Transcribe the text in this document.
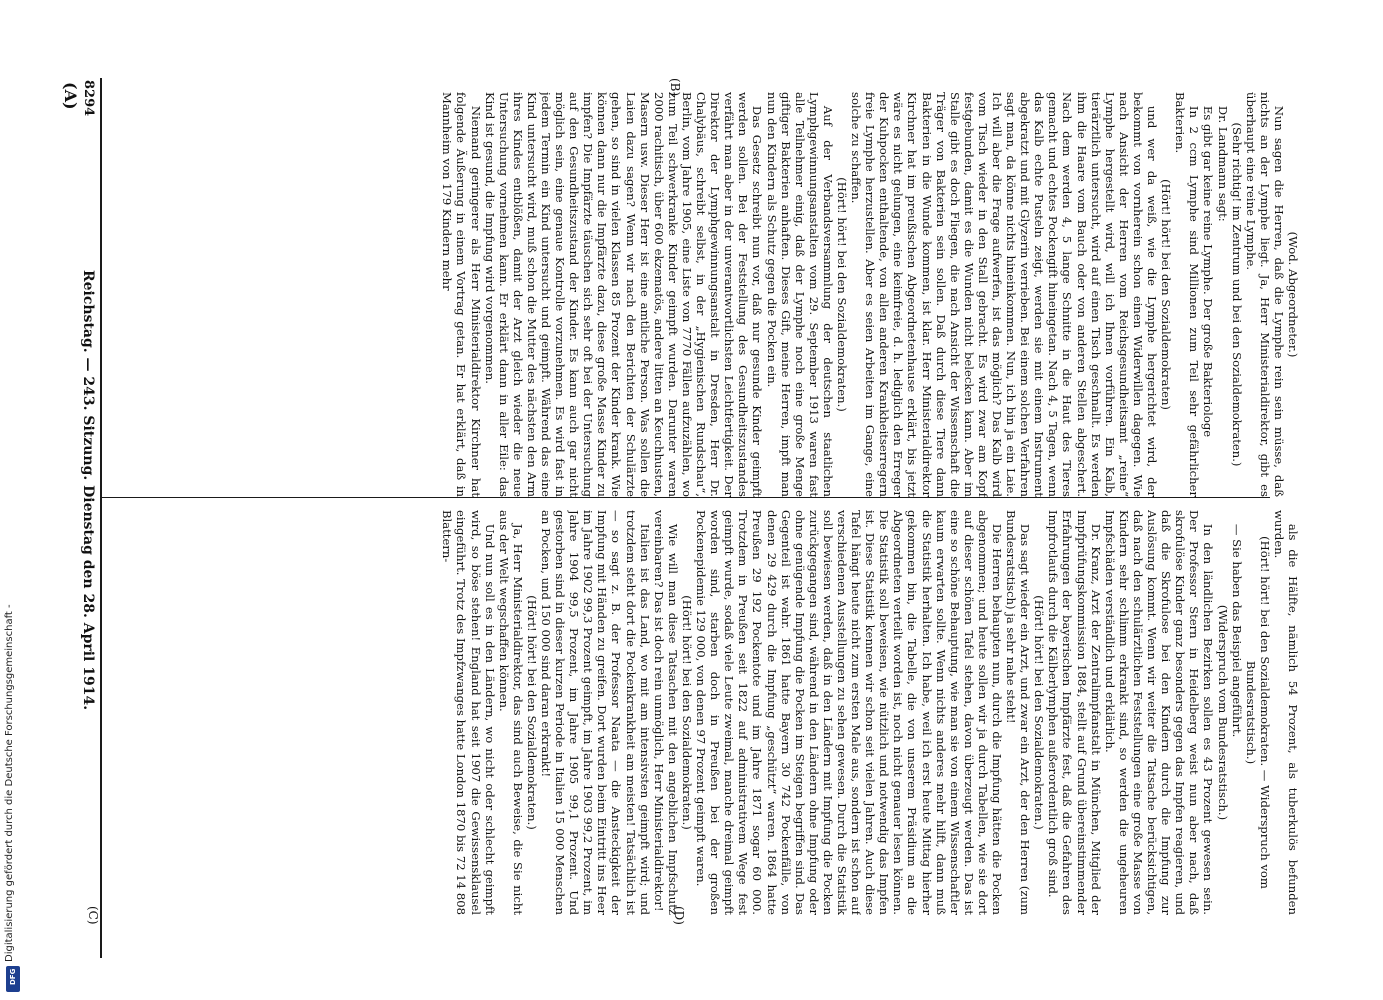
8294
Reichstag. — 243. Sitzung. Dienstag den 28. April 1914.
(A)

(Wod. Abgeordneter.)

Nun sagen die Herren, daß die Lymphe rein sein müsse, daß nichts an der Lymphe liegt. Ja, Herr Ministerialdirektor, gibt es überhaupt eine reine Lymphe.

(Sehr richtig! im Zentrum und bei den Sozialdemokraten.)

Dr. Landmann sagt:

Es gibt gar keine reine Lymphe. Der große Bakteriologe

In 2 ccm Lymphe sind Millionen zum Teil sehr gefährlicher Bakterien.

(Hört! hört! bei den Sozialdemokraten)

und wer da weiß, wie die Lymphe hergerichtet wird, der bekommt von vornherein schon einen Widerwillen dagegen. Wie nach Ansicht der Herren vom Reichsgesundheitsamt „reine“ Lymphe hergestellt wird, will ich Ihnen vorführen. Ein Kalb, tierärztlich untersucht, wird auf einen Tisch geschnallt. Es werden ihm die Haare vom Bauch oder von anderen Stellen abgeschert. Nach dem werden 4, 5 lange Schnitte in die Haut des Tieres gemacht und echtes Pockengift hineingetan. Nach 4, 5 Tagen, wenn das Kalb echte Pusteln zeigt, werden sie mit einem Instrument abgekratzt und mit Glyzerin verrieben. Bei einem solchen Verfahren sagt man, da könne nichts hineinkommen. Nun, ich bin ja ein Laie. Ich will aber die Frage aufwerfen, ist das möglich? Das Kalb wird vom Tisch wieder in den Stall gebracht. Es wird zwar am Kopf festgebunden, damit es die Wunden nicht belecken kann. Aber im Stalle gibt es doch Fliegen, die nach Ansicht der Wissenschaft die Träger von Bakterien sein sollen. Daß durch diese Tiere dann Bakterien in die Wunde kommen, ist klar. Herr Ministerialdirektor Kirchner hat im preußischen Abgeordnetenhause erklärt, bis jetzt wäre es nicht gelungen, eine keimfreie, d. h. lediglich den Erreger der Kuhpocken enthaltende, von allen anderen Krankheitserregern freie Lymphe herzustellen. Aber es seien Arbeiten im Gange, eine solche zu schaffen.

(Hört! hört! bei den Sozialdemokraten.)

Auf der Verbandsversammlung der deutschen staatlichen Lymphgewinnungsanstalten vom 29. September 1913 waren fast alle Teilnehmer einig, daß der Lymphe noch eine große Menge giftiger Bakterien anhaften. Dieses Gift, meine Herren, impft man nun den Kindern als Schutz gegen die Pocken ein.

Das Gesetz schreibt nun vor, daß nur gesunde Kinder geimpft werden sollen. Bei der Feststellung des Gesundheitszustandes verfährt man aber in der unverantwortlichsten Leichtfertigkeit. Der Direktor der Lymphgewinnungsanstalt in Dresden, Herr Dr. Chalybäus, schreibt selbst, in der „Hygienischen Rundschau“, Berlin, vom Jahre 1905, eine Liste von 7770 Fällen aufzuzählen, wo zum Teil schwerkranke Kinder geimpft wurden. Darunter waren 2000 rachitisch, über 600 ekzematös, andere litten an Keuchhusten, Masern usw. Dieser Herr ist eine amtliche Person. Was sollen die Laien dazu sagen? Wenn wir nach den Berichten der Schulärzte gehen, so sind in vielen Klassen 85 Prozent der Kinder krank. Wie können dann nur die Impfärzte dazu, diese große Masse Kinder zu impfen? Die Impfärzte täuschen sich sehr oft bei der Untersuchung auf den Gesundheitszustand der Kinder. Es kann auch gar nicht möglich sein, eine genaue Kontrolle vorzunehmen. Es wird fast in jedem Termin ein Kind untersucht und geimpft. Während das eine Kind untersucht wird, muß schon die Mutter des nächsten den Arm ihres Kindes entblößen, damit der Arzt gleich wieder die neue Untersuchung vornehmen kann. Er erklärt dann in aller Eile: das Kind ist gesund, die Impfung wird vorgenommen.

Niemand geringerer als Herr Ministerialdirektor Kirchner hat folgende Äußerung in einem Vortrag getan. Er hat erklärt, daß in Mannheim von 179 Kindern mehr

als die Hälfte, nämlich 54 Prozent, als tuberkulös befunden wurden.

(Hört! hört! bei den Sozialdemokraten. — Widerspruch vom Bundesratstisch.)

— Sie haben das Beispiel angeführt.

(Widerspruch vom Bundesratstisch.)

In den ländlichen Bezirken sollen es 43 Prozent gewesen sein. Der Professor Stern in Heidelberg weist nun aber nach, daß skrofulöse Kinder ganz besonders gegen das Impfen reagieren, und daß die Skrofulose bei den Kindern durch die Impfung zur Auslösung kommt. Wenn wir weiter die Tatsache berücksichtigen, daß nach den schulärztlichen Feststellungen eine große Masse von Kindern sehr schlimm erkrankt sind, so werden die ungeheuren Impfschäden verständlich und erklärlich.

Dr. Kranz, Arzt der Zentralimpfanstalt in München, Mitglied der Impfprüfungskommission 1884, stellt auf Grund übereinstimmender Erfahrungen der bayerischen Impfärzte fest, daß die Gefahren des Impfrotlaufs durch die Kälberlymphen außerordentlich groß sind.

(Hört! hört! bei den Sozialdemokraten.)

Das sagt wieder ein Arzt, und zwar ein Arzt, der den Herren (zum Bundesratstisch) ja sehr nahe steht!

Die Herren behaupten nun, durch die Impfung hätten die Pocken abgenommen; und heute sollen wir ja durch Tabellen, wie sie dort auf dieser schönen Tafel stehen, davon überzeugt werden. Das ist eine so schöne Behauptung, wie man sie von einem Wissenschaftler kaum erwarten sollte. Wenn nichts anderes mehr hilft, dann muß die Statistik herhalten. Ich habe, weil ich erst heute Mittag hierher gekommen bin, die Tabelle, die von unserem Präsidium an die Abgeordneten verteilt worden ist, noch nicht genauer lesen können. Die Statistik soll beweisen, wie nützlich und notwendig das Impfen ist. Diese Statistik kennen wir schon seit vielen Jahren. Auch diese Tafel hängt heute nicht zum ersten Male aus, sondern ist schon auf verschiedenen Ausstellungen zu sehen gewesen. Durch die Statistik soll bewiesen werden, daß in den Ländern mit Impfung die Pocken zurückgegangen sind, während in den Ländern ohne Impfung oder ohne genügende Impfung die Pocken im Steigen begriffen sind. Das Gegenteil ist wahr. 1861 hatte Bayern 30 742 Pockenfälle, von denen 29 429 durch die Impfung „geschützt“ waren. 1864 hatte Preußen 29 192 Pockentote und im Jahre 1871 sogar 60 000. Trotzdem in Preußen seit 1822 auf administrativem Wege fest geimpft wurde, sodaß viele Leute zweimal, manche dreimal geimpft worden sind, starben doch in Preußen bei der großen Pockenepidemie 129 000, von denen 97 Prozent geimpft waren.

(Hört! hört! bei den Sozialdemokraten.)

Wie will man diese Tatsachen mit den angeblichen Impfschutz vereinbaren? Das ist doch rein unmöglich, Herr Ministerialdirektor!

Italien ist das Land, wo mit am intensivsten geimpft wird; und trotzdem steht dort die Pockenkrankheit am meisten! Tatsächlich ist — so sagt z. B. der Professor Naata — die Ansteckigkeit der Impfung mit Händen zu greifen. Dort wurden beim Eintritt ins Heer im Jahre 1902 99,3 Prozent geimpft, im Jahre 1903 99,2 Prozent, im Jahre 1904 99,5 Prozent, im Jahre 1905 99,1 Prozent. Und gestorben sind in dieser kurzen Periode in Italien 15 000 Menschen an Pocken, und 150 000 sind daran erkrankt!

(Hört! hört! bei den Sozialdemokraten.)

Ja, Herr Ministerialdirektor, das sind auch Beweise, die Sie nicht aus der Welt wegschaffen können.

Und nun soll es in den Ländern, wo nicht oder schlecht geimpft wird, so böse stehen! England hat seit 1907 die Gewissensklausel eingeführt. Trotz des Impfzwanges hatte London 1870 bis 72 14 808 Blattern-

(B)
(C)	(D)
Digitalisierung gefördert durch die Deutsche Forschungsgemeinschaft -
DFG
